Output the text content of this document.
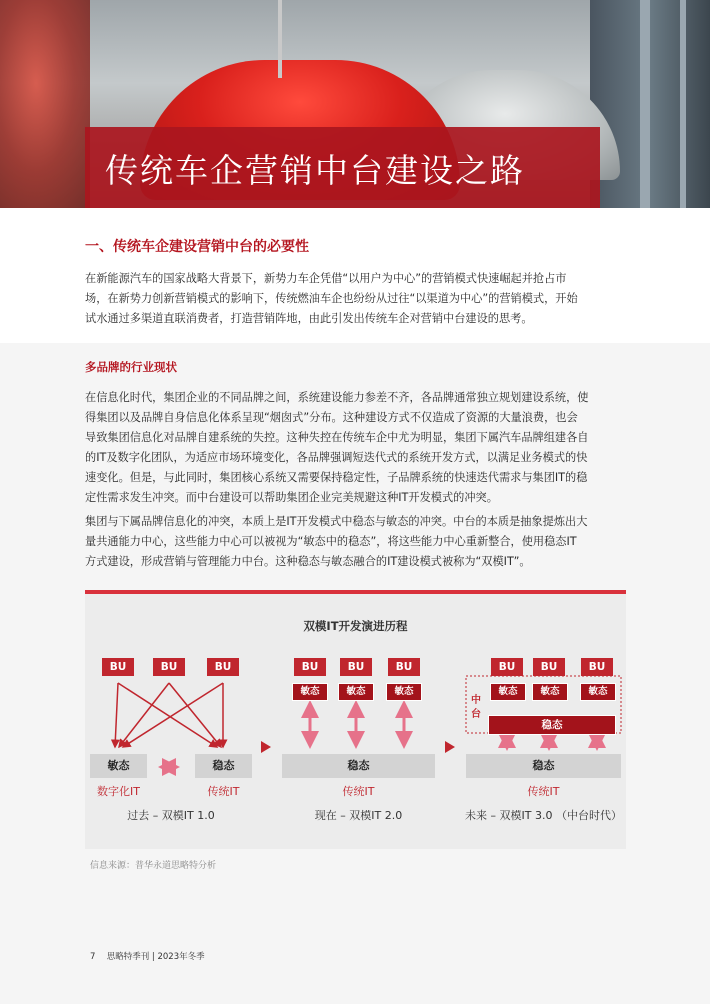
传统车企营销中台建设之路
一、传统车企建设营销中台的必要性
在新能源汽车的国家战略大背景下，新势力车企凭借“以用户为中心”的营销模式快速崛起并抢占市
场，在新势力创新营销模式的影响下，传统燃油车企也纷纷从过往“以渠道为中心”的营销模式，开始
试水通过多渠道直联消费者，打造营销阵地，由此引发出传统车企对营销中台建设的思考。
多品牌的行业现状
在信息化时代，集团企业的不同品牌之间，系统建设能力参差不齐，各品牌通常独立规划建设系统，使
得集团以及品牌自身信息化体系呈现“烟囱式”分布。这种建设方式不仅造成了资源的大量浪费，也会
导致集团信息化对品牌自建系统的失控。这种失控在传统车企中尤为明显，集团下属汽车品牌组建各自
的IT及数字化团队，为适应市场环境变化，各品牌强调短迭代式的系统开发方式，以满足业务模式的快
速变化。但是，与此同时，集团核心系统又需要保持稳定性，子品牌系统的快速迭代需求与集团IT的稳
定性需求发生冲突。而中台建设可以帮助集团企业完美规避这种IT开发模式的冲突。
集团与下属品牌信息化的冲突，本质上是IT开发模式中稳态与敏态的冲突。中台的本质是抽象提炼出大
量共通能力中心，这些能力中心可以被视为“敏态中的稳态”，将这些能力中心重新整合，使用稳态IT
方式建设，形成营销与管理能力中台。这种稳态与敏态融合的IT建设模式被称为“双模IT”。
双模IT开发演进历程
BU	BU	BU
敏态	稳态
数字化IT	传统IT
过去 – 双模IT 1.0
BU	BU	BU
敏态	敏态	敏态
稳态
传统IT
现在 – 双模IT 2.0
BU	BU	BU
敏态	敏态	敏态
中
台
稳态
稳态
传统IT
未来 – 双模IT 3.0 （中台时代）
信息来源：普华永道思略特分析
7 思略特季刊 | 2023年冬季
